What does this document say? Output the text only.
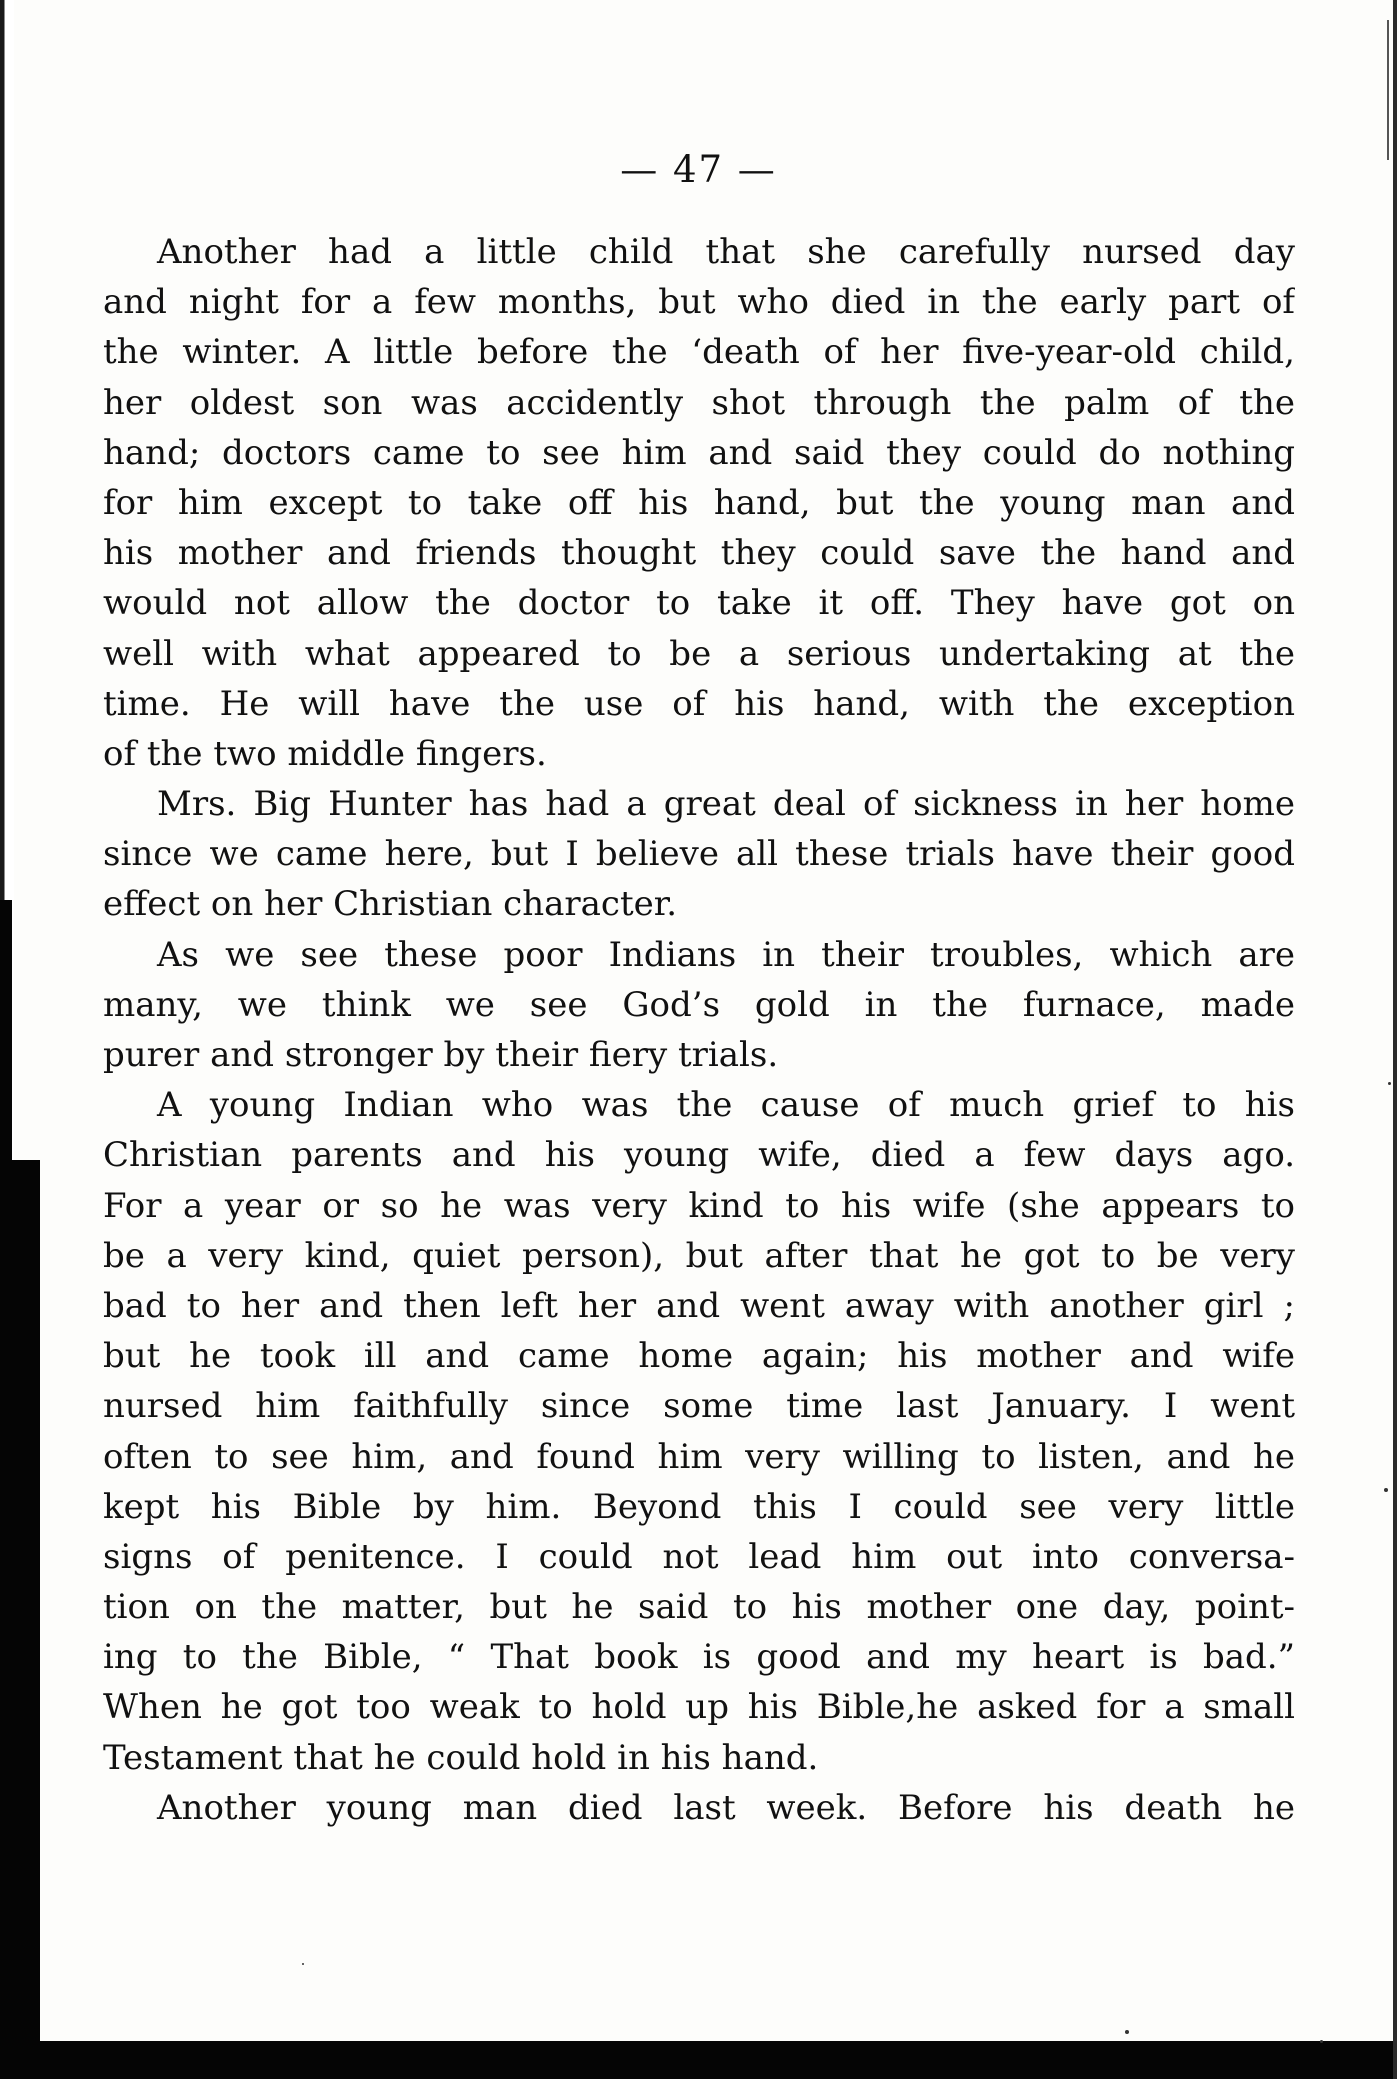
— 47 —
Another had a little child that she carefully nursed day
and night for a few months, but who died in the early part of
the winter. A little before the ‘death of her five-year-old child,
her oldest son was accidently shot through the palm of the
hand; doctors came to see him and said they could do nothing
for him except to take off his hand, but the young man and
his mother and friends thought they could save the hand and
would not allow the doctor to take it off. They have got on
well with what appeared to be a serious undertaking at the
time. He will have the use of his hand, with the exception
of the two middle fingers.
Mrs. Big Hunter has had a great deal of sickness in her home
since we came here, but I believe all these trials have their good
effect on her Christian character.
As we see these poor Indians in their troubles, which are
many, we think we see God’s gold in the furnace, made
purer and stronger by their fiery trials.
A young Indian who was the cause of much grief to his
Christian parents and his young wife, died a few days ago.
For a year or so he was very kind to his wife (she appears to
be a very kind, quiet person), but after that he got to be very
bad to her and then left her and went away with another girl ;
but he took ill and came home again; his mother and wife
nursed him faithfully since some time last January. I went
often to see him, and found him very willing to listen, and he
kept his Bible by him. Beyond this I could see very little
signs of penitence. I could not lead him out into conversa-
tion on the matter, but he said to his mother one day, point-
ing to the Bible, “ That book is good and my heart is bad.”
When he got too weak to hold up his Bible,he asked for a small
Testament that he could hold in his hand.
Another young man died last week. Before his death he
